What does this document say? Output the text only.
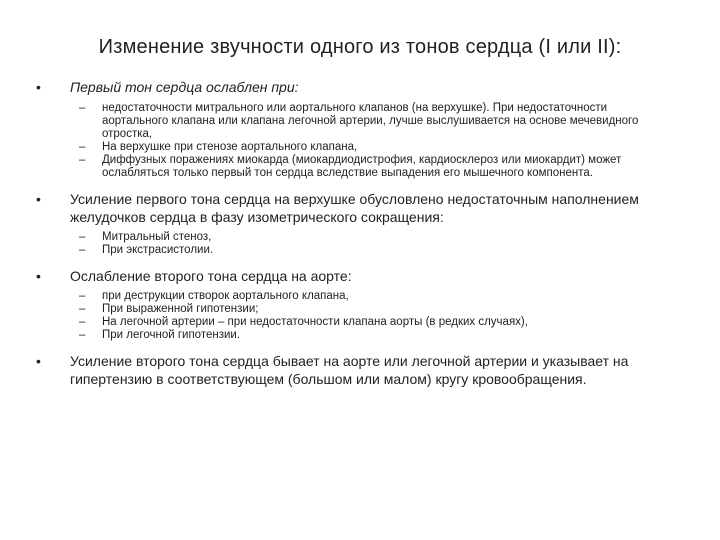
Изменение звучности одного из тонов сердца (I или II):
•	Первый тон сердца ослаблен при:
–	недостаточности митрального или аортального клапанов (на верхушке). При недостаточности аортального клапана или клапана легочной артерии, лучше выслушивается на основе мечевидного отростка,
–	На верхушке при стенозе аортального клапана,
–	Диффузных поражениях миокарда (миокардиодистрофия, кардиосклероз или миокардит) может ослабляться только первый тон сердца вследствие выпадения его мышечного компонента.
•	Усиление первого тона сердца на верхушке обусловлено недостаточным наполнением желудочков сердца в фазу изометрического сокращения:
–	Митральный стеноз,
–	При экстрасистолии.
•	Ослабление второго тона сердца на аорте:
–	при деструкции створок аортального клапана,
–	При выраженной гипотензии;
–	На легочной артерии – при недостаточности клапана аорты (в редких случаях),
–	При легочной гипотензии.
•	Усиление второго тона сердца бывает на аорте или легочной артерии и указывает на гипертензию в соответствующем (большом или малом) кругу кровообращения.
